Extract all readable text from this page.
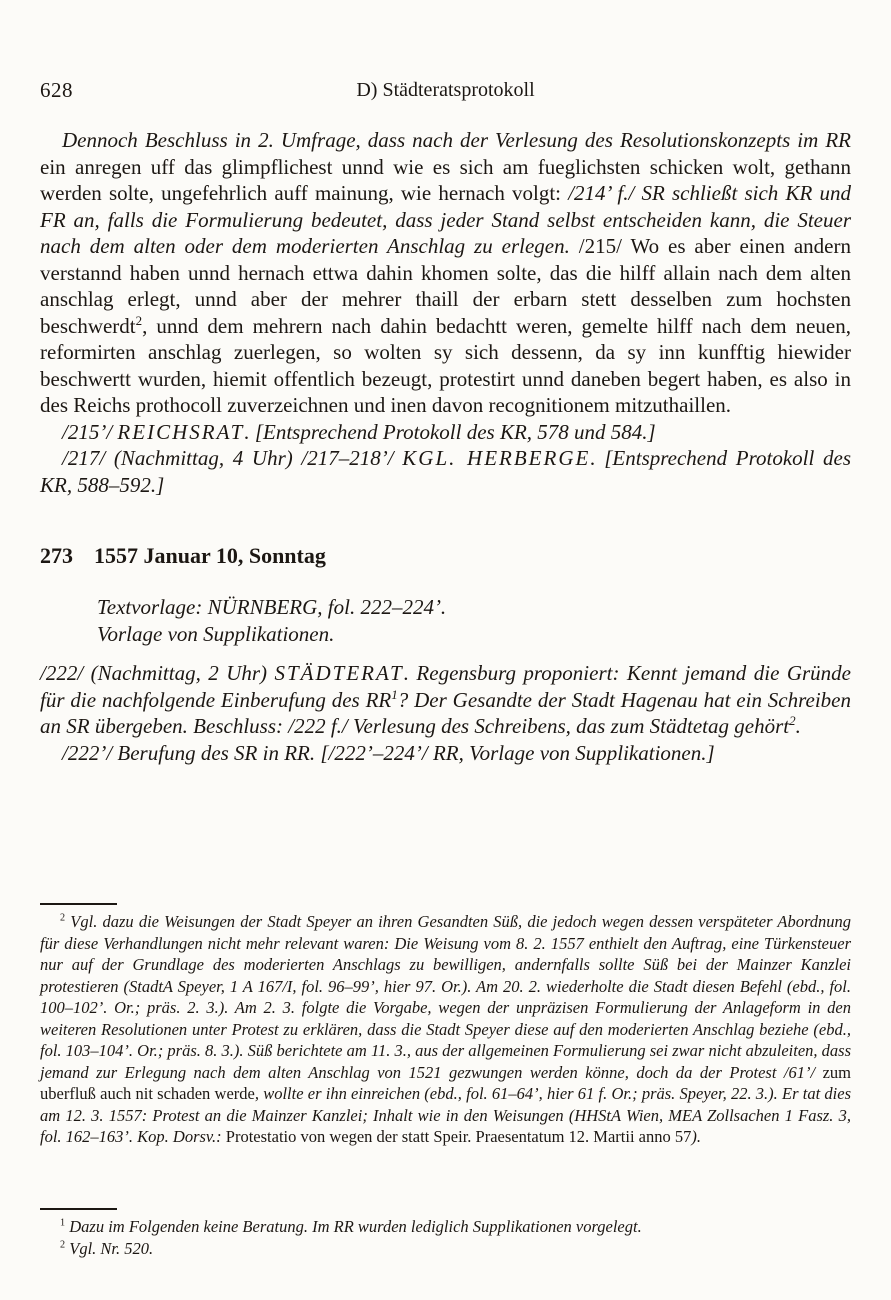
628	D) Städteratsprotokoll

Dennoch Beschluss in 2. Umfrage, dass nach der Verlesung des Resolutionskonzepts im RR ein anregen uff das glimpflichest unnd wie es sich am fueglichsten schicken wolt, gethann werden solte, ungefehrlich auff mainung, wie hernach volgt: /214’ f./ SR schließt sich KR und FR an, falls die Formulierung bedeutet, dass jeder Stand selbst entscheiden kann, die Steuer nach dem alten oder dem moderierten Anschlag zu erlegen. /215/ Wo es aber einen andern verstannd haben unnd hernach ettwa dahin khomen solte, das die hilff allain nach dem alten anschlag erlegt, unnd aber der mehrer thaill der erbarn stett desselben zum hochsten beschwerdt$^2$, unnd dem mehrern nach dahin bedachtt weren, gemelte hilff nach dem neuen, reformirten anschlag zuerlegen, so wolten sy sich dessenn, da sy inn kunfftig hiewider beschwertt wurden, hiemit offentlich bezeugt, protestirt unnd daneben begert haben, es also in des Reichs prothocoll zuverzeichnen und inen davon recognitionem mitzuthaillen.

/215’/ REICHSRAT. [Entsprechend Protokoll des KR, 578 und 584.]

/217/ (Nachmittag, 4 Uhr) /217–218’/ KGL. HERBERGE. [Entsprechend Protokoll des KR, 588–592.]

273 1557 Januar 10, Sonntag

Textvorlage: NÜRNBERG, fol. 222–224’.

Vorlage von Supplikationen.

/222/ (Nachmittag, 2 Uhr) STÄDTERAT. Regensburg proponiert: Kennt jemand die Gründe für die nachfolgende Einberufung des $RR^1$? Der Gesandte der Stadt Hagenau hat ein Schreiben an SR übergeben. Beschluss: /222 f./ Verlesung des Schreibens, das zum Städtetag gehört$^2$.

/222’/ Berufung des SR in RR. [/222’–224’/ RR, Vorlage von Supplikationen.]

$^2$ Vgl. dazu die Weisungen der Stadt Speyer an ihren Gesandten Süß, die jedoch wegen dessen verspäteter Abordnung für diese Verhandlungen nicht mehr relevant waren: Die Weisung vom 8. 2. 1557 enthielt den Auftrag, eine Türkensteuer nur auf der Grundlage des moderierten Anschlags zu bewilligen, andernfalls sollte Süß bei der Mainzer Kanzlei protestieren (StadtA Speyer, 1 A 167/I, fol. 96–99’, hier 97. Or.). Am 20. 2. wiederholte die Stadt diesen Befehl (ebd., fol. 100–102’. Or.; präs. 2. 3.). Am 2. 3. folgte die Vorgabe, wegen der unpräzisen Formulierung der Anlageform in den weiteren Resolutionen unter Protest zu erklären, dass die Stadt Speyer diese auf den moderierten Anschlag beziehe (ebd., fol. 103–104’. Or.; präs. 8. 3.). Süß berichtete am 11. 3., aus der allgemeinen Formulierung sei zwar nicht abzuleiten, dass jemand zur Erlegung nach dem alten Anschlag von 1521 gezwungen werden könne, doch da der Protest /61’/ zum uberfluß auch nit schaden werde, wollte er ihn einreichen (ebd., fol. 61–64’, hier 61 f. Or.; präs. Speyer, 22. 3.). Er tat dies am 12. 3. 1557: Protest an die Mainzer Kanzlei; Inhalt wie in den Weisungen (HHStA Wien, MEA Zollsachen 1 Fasz. 3, fol. 162–163’. Kop. Dorsv.: Protestatio von wegen der statt Speir. Praesentatum 12. Martii anno 57).

$^1$ Dazu im Folgenden keine Beratung. Im RR wurden lediglich Supplikationen vorgelegt.

$^2$ Vgl. Nr. 520.
